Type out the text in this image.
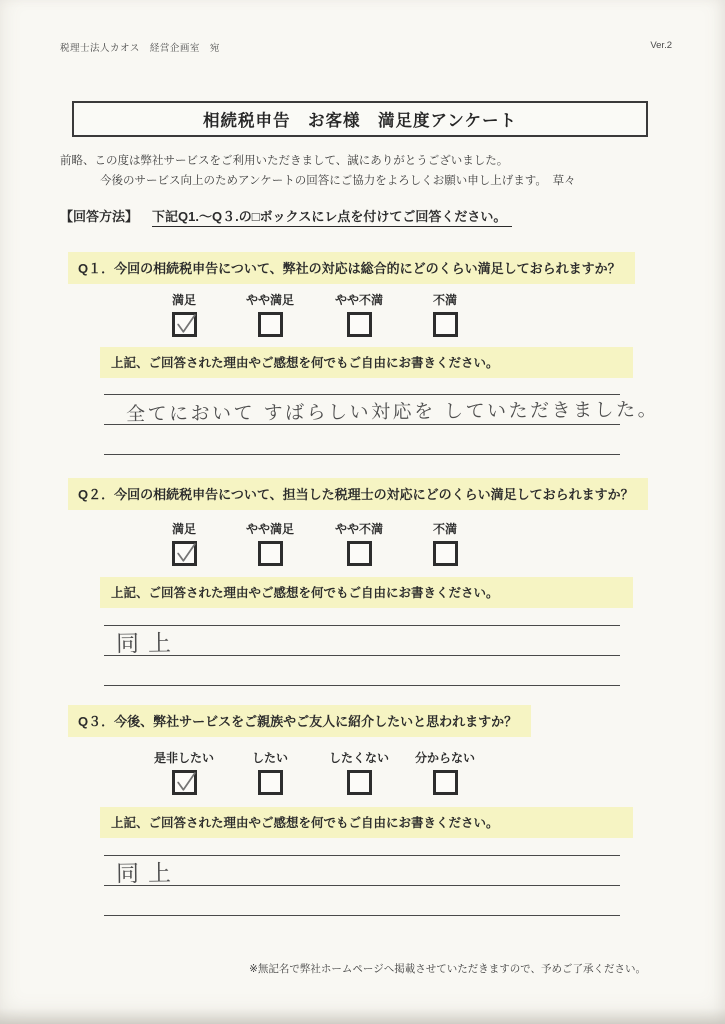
税理士法人カオス　経営企画室　宛	Ver.2
相続税申告　お客様　満足度アンケート
前略、この度は弊社サービスをご利用いただきまして、誠にありがとうございました。
今後のサービス向上のためアンケートの回答にご協力をよろしくお願い申し上げます。　草々
【回答方法】 下記Q1.～Q３.の□ボックスにレ点を付けてご回答ください。
Q１．今回の相続税申告について、弊社の対応は総合的にどのくらい満足しておられますか？
満足	やや満足	やや不満	不満
上記、ご回答された理由やご感想を何でもご自由にお書きください。
全てにおいて すばらしい対応を していただきました。
Q２．今回の相続税申告について、担当した税理士の対応にどのくらい満足しておられますか？
満足	やや満足	やや不満	不満
上記、ご回答された理由やご感想を何でもご自由にお書きください。
同上
Q３．今後、弊社サービスをご親族やご友人に紹介したいと思われますか？
是非したい	したい	したくない	分からない
上記、ご回答された理由やご感想を何でもご自由にお書きください。
同上
※無記名で弊社ホームページへ掲載させていただきますので、予めご了承ください。
